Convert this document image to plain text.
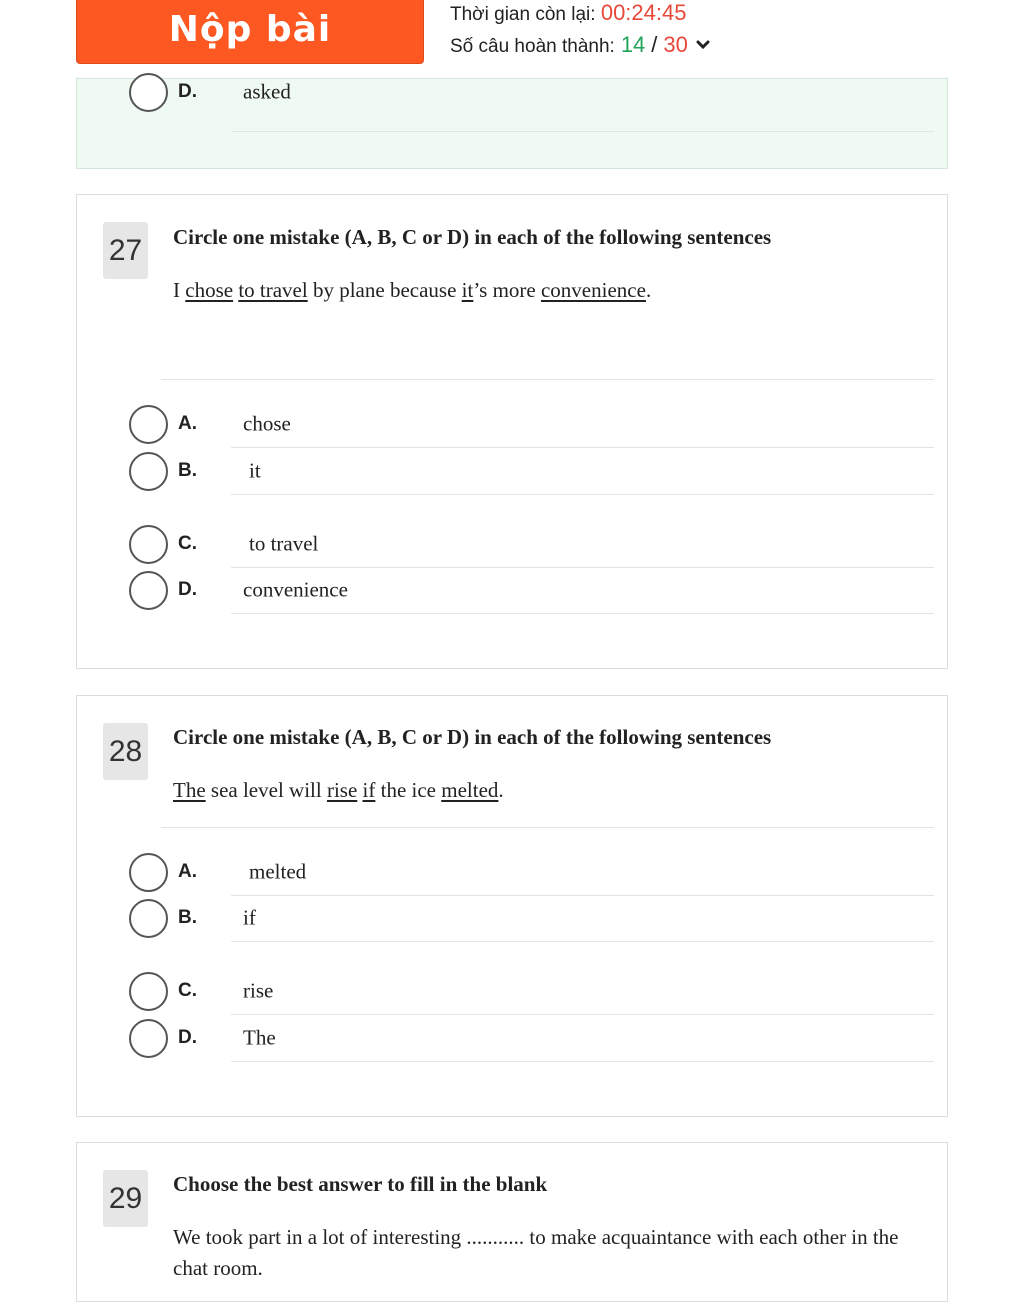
Nộp bài	Thời gian còn lại: 00:24:45
Số câu hoàn thành: 14 / 30
D. asked
27 Circle one mistake (A, B, C or D) in each of the following sentences
I chose to travel by plane because it’s more convenience.
A. chose
B. it
C. to travel
D. convenience
28 Circle one mistake (A, B, C or D) in each of the following sentences
The sea level will rise if the ice melted.
A. melted
B. if
C. rise
D. The
29 Choose the best answer to fill in the blank
We took part in a lot of interesting ........... to make acquaintance with each other in the chat room.
